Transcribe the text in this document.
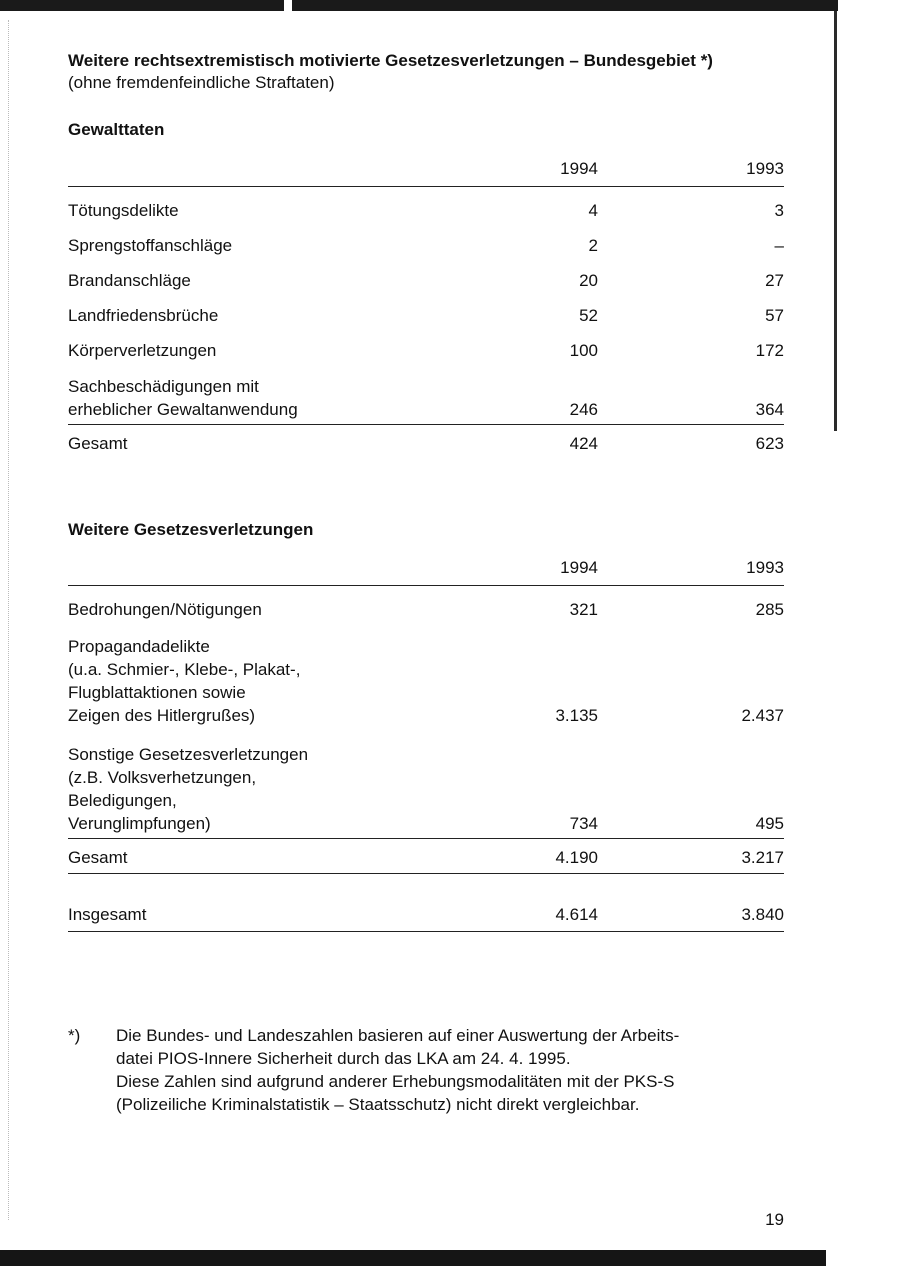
Weitere rechtsextremistisch motivierte Gesetzesverletzungen – Bundesgebiet *)
(ohne fremdenfeindliche Straftaten)
Gewalttaten
1994	1993
Tötungsdelikte	4	3
Sprengstoffanschläge	2	–
Brandanschläge	20	27
Landfriedensbrüche	52	57
Körperverletzungen	100	172
Sachbeschädigungen mit
erheblicher Gewaltanwendung	246	364
Gesamt	424	623
Weitere Gesetzesverletzungen
1994	1993
Bedrohungen/Nötigungen	321	285
Propagandadelikte
(u.a. Schmier-, Klebe-, Plakat-,
Flugblattaktionen sowie
Zeigen des Hitlergrußes)	3.135	2.437
Sonstige Gesetzesverletzungen
(z.B. Volksverhetzungen,
Beledigungen,
Verunglimpfungen)	734	495
Gesamt	4.190	3.217
Insgesamt	4.614	3.840
*)	Die Bundes- und Landeszahlen basieren auf einer Auswertung der Arbeits-
datei PIOS-Innere Sicherheit durch das LKA am 24. 4. 1995.
Diese Zahlen sind aufgrund anderer Erhebungsmodalitäten mit der PKS-S
(Polizeiliche Kriminalstatistik – Staatsschutz) nicht direkt vergleichbar.
19
